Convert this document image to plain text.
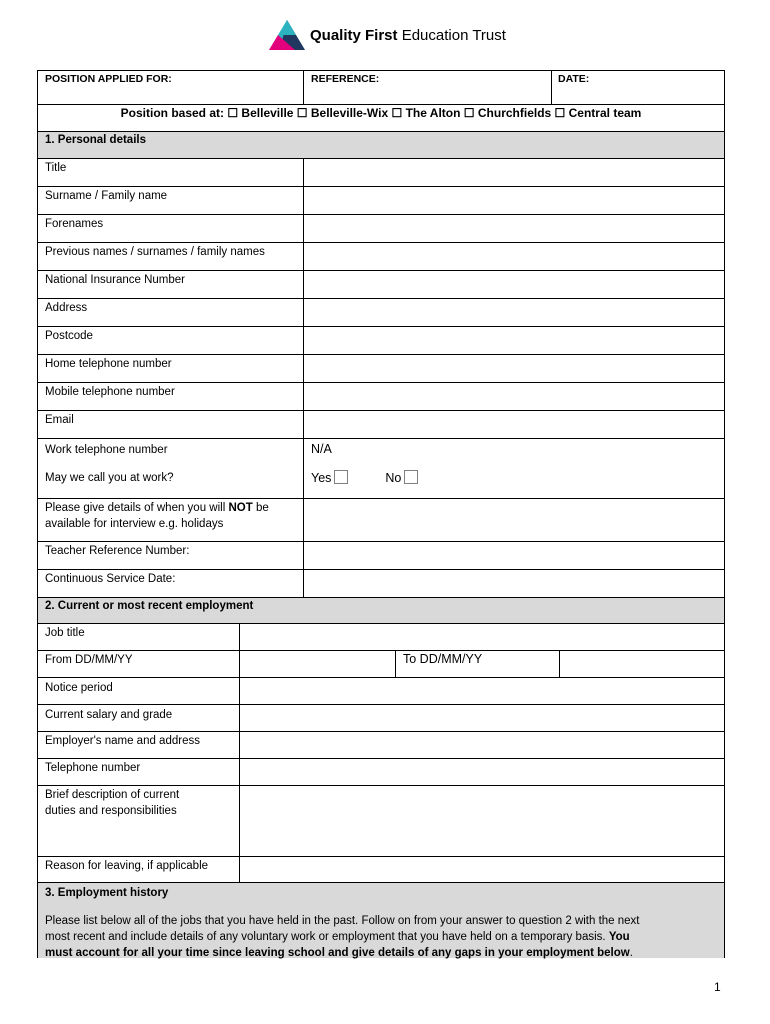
Quality First Education Trust
POSITION APPLIED FOR:	REFERENCE:	DATE:
Position based at: ☐ Belleville ☐ Belleville-Wix ☐ The Alton ☐ Churchfields ☐ Central team
1. Personal details
Title
Surname / Family name
Forenames
Previous names / surnames / family names
National Insurance Number
Address
Postcode
Home telephone number
Mobile telephone number
Email
Work telephone number	N/A
May we call you at work?	Yes	No
Please give details of when you will NOT be
available for interview e.g. holidays
Teacher Reference Number:
Continuous Service Date:
2. Current or most recent employment
Job title
From DD/MM/YY	To DD/MM/YY
Notice period
Current salary and grade
Employer's name and address
Telephone number
Brief description of current
duties and responsibilities
Reason for leaving, if applicable
3. Employment history
Please list below all of the jobs that you have held in the past. Follow on from your answer to question 2 with the next
most recent and include details of any voluntary work or employment that you have held on a temporary basis. You
must account for all your time since leaving school and give details of any gaps in your employment below.
1
